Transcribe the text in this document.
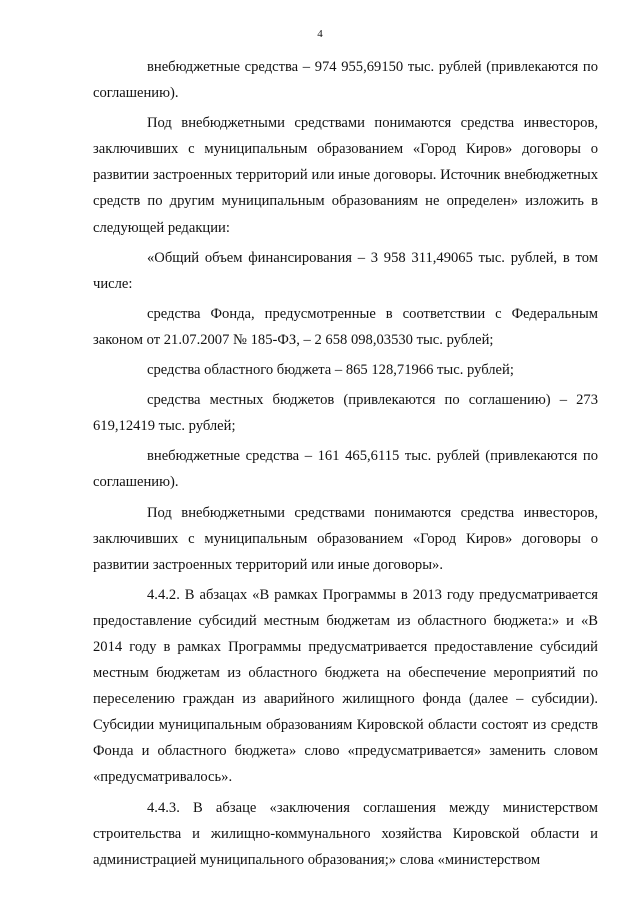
4

внебюджетные средства – 974 955,69150 тыс. рублей (привлекаются по соглашению).

Под внебюджетными средствами понимаются средства инвесторов, заключивших с муниципальным образованием «Город Киров» договоры о развитии застроенных территорий или иные договоры. Источник внебюджетных средств по другим муниципальным образованиям не определен» изложить в следующей редакции:

«Общий объем финансирования – 3 958 311,49065 тыс. рублей, в том числе:

средства Фонда, предусмотренные в соответствии с Федеральным законом от 21.07.2007 № 185-ФЗ, – 2 658 098,03530 тыс. рублей;

средства областного бюджета – 865 128,71966 тыс. рублей;

средства местных бюджетов (привлекаются по соглашению) – 273 619,12419 тыс. рублей;

внебюджетные средства – 161 465,6115 тыс. рублей (привлекаются по соглашению).

Под внебюджетными средствами понимаются средства инвесторов, заключивших с муниципальным образованием «Город Киров» договоры о развитии застроенных территорий или иные договоры».

4.4.2. В абзацах «В рамках Программы в 2013 году предусматривается предоставление субсидий местным бюджетам из областного бюджета:» и «В 2014 году в рамках Программы предусматривается предоставление субсидий местным бюджетам из областного бюджета на обеспечение мероприятий по переселению граждан из аварийного жилищного фонда (далее – субсидии). Субсидии муниципальным образованиям Кировской области состоят из средств Фонда и областного бюджета» слово «предусматривается» заменить словом «предусматривалось».

4.4.3. В абзаце «заключения соглашения между министерством строительства и жилищно-коммунального хозяйства Кировской области и администрацией муниципального образования;» слова «министерством
